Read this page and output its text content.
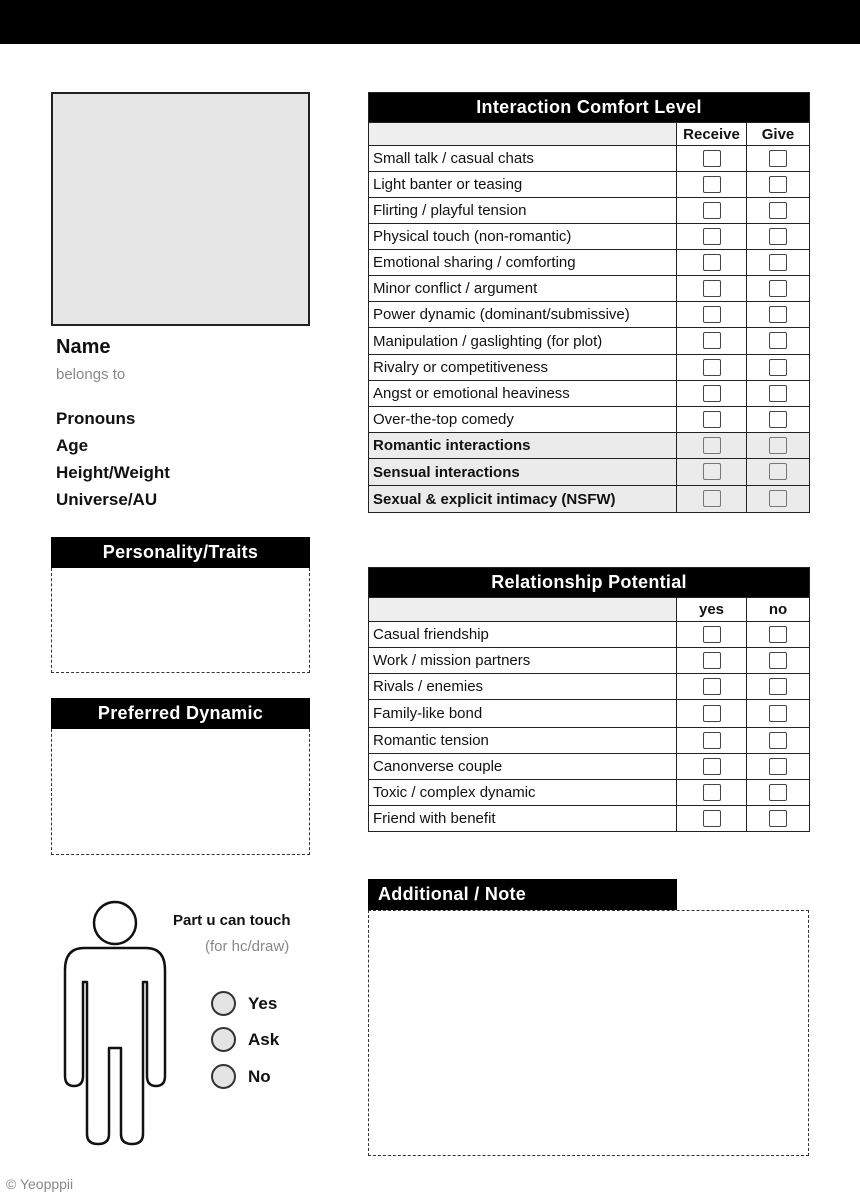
Name
belongs to
Pronouns
Age
Height/Weight
Universe/AU
Personality/Traits
Preferred Dynamic
Interaction Comfort Level		
	Receive	Give
Small talk / casual chats		
Light banter or teasing		
Flirting / playful tension		
Physical touch (non-romantic)		
Emotional sharing / comforting		
Minor conflict / argument		
Power dynamic (dominant/submissive)		
Manipulation / gaslighting (for plot)		
Rivalry or competitiveness		
Angst or emotional heaviness		
Over-the-top comedy		
Romantic interactions		
Sensual interactions		
Sexual & explicit intimacy (NSFW)		
Relationship Potential		
	yes	no
Casual friendship		
Work / mission partners		
Rivals / enemies		
Family-like bond		
Romantic tension		
Canonverse couple		
Toxic / complex dynamic		
Friend with benefit		
Additional / Note
Part u can touch
(for hc/draw)
Yes
Ask
No
© Yeopppii
